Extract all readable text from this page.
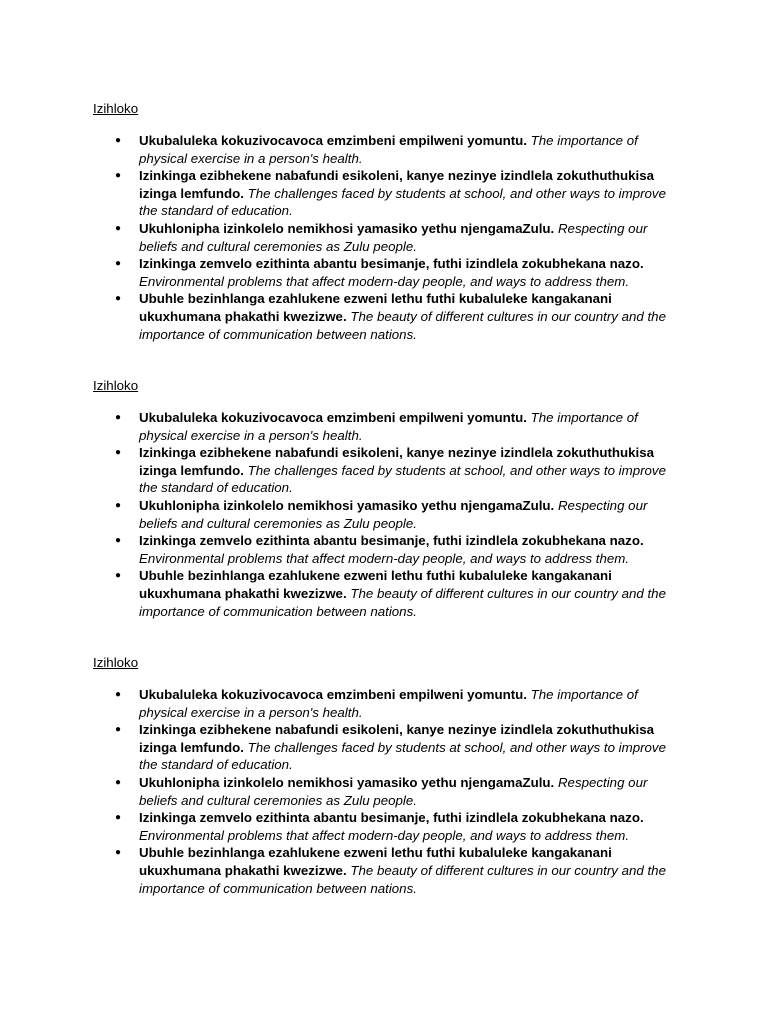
Izihloko

● Ukubaluleka kokuzivocavoca emzimbeni empilweni yomuntu. The importance of physical exercise in a person's health.
● Izinkinga ezibhekene nabafundi esikoleni, kanye nezinye izindlela zokuthuthukisa izinga lemfundo. The challenges faced by students at school, and other ways to improve the standard of education.
● Ukuhlonipha izinkolelo nemikhosi yamasiko yethu njengamaZulu. Respecting our beliefs and cultural ceremonies as Zulu people.
● Izinkinga zemvelo ezithinta abantu besimanje, futhi izindlela zokubhekana nazo. Environmental problems that affect modern-day people, and ways to address them.
● Ubuhle bezinhlanga ezahlukene ezweni lethu futhi kubaluleke kangakanani ukuxhumana phakathi kwezizwe. The beauty of different cultures in our country and the importance of communication between nations.

Izihloko

● Ukubaluleka kokuzivocavoca emzimbeni empilweni yomuntu. The importance of physical exercise in a person's health.
● Izinkinga ezibhekene nabafundi esikoleni, kanye nezinye izindlela zokuthuthukisa izinga lemfundo. The challenges faced by students at school, and other ways to improve the standard of education.
● Ukuhlonipha izinkolelo nemikhosi yamasiko yethu njengamaZulu. Respecting our beliefs and cultural ceremonies as Zulu people.
● Izinkinga zemvelo ezithinta abantu besimanje, futhi izindlela zokubhekana nazo. Environmental problems that affect modern-day people, and ways to address them.
● Ubuhle bezinhlanga ezahlukene ezweni lethu futhi kubaluleke kangakanani ukuxhumana phakathi kwezizwe. The beauty of different cultures in our country and the importance of communication between nations.

Izihloko

● Ukubaluleka kokuzivocavoca emzimbeni empilweni yomuntu. The importance of physical exercise in a person's health.
● Izinkinga ezibhekene nabafundi esikoleni, kanye nezinye izindlela zokuthuthukisa izinga lemfundo. The challenges faced by students at school, and other ways to improve the standard of education.
● Ukuhlonipha izinkolelo nemikhosi yamasiko yethu njengamaZulu. Respecting our beliefs and cultural ceremonies as Zulu people.
● Izinkinga zemvelo ezithinta abantu besimanje, futhi izindlela zokubhekana nazo. Environmental problems that affect modern-day people, and ways to address them.
● Ubuhle bezinhlanga ezahlukene ezweni lethu futhi kubaluleke kangakanani ukuxhumana phakathi kwezizwe. The beauty of different cultures in our country and the importance of communication between nations.
